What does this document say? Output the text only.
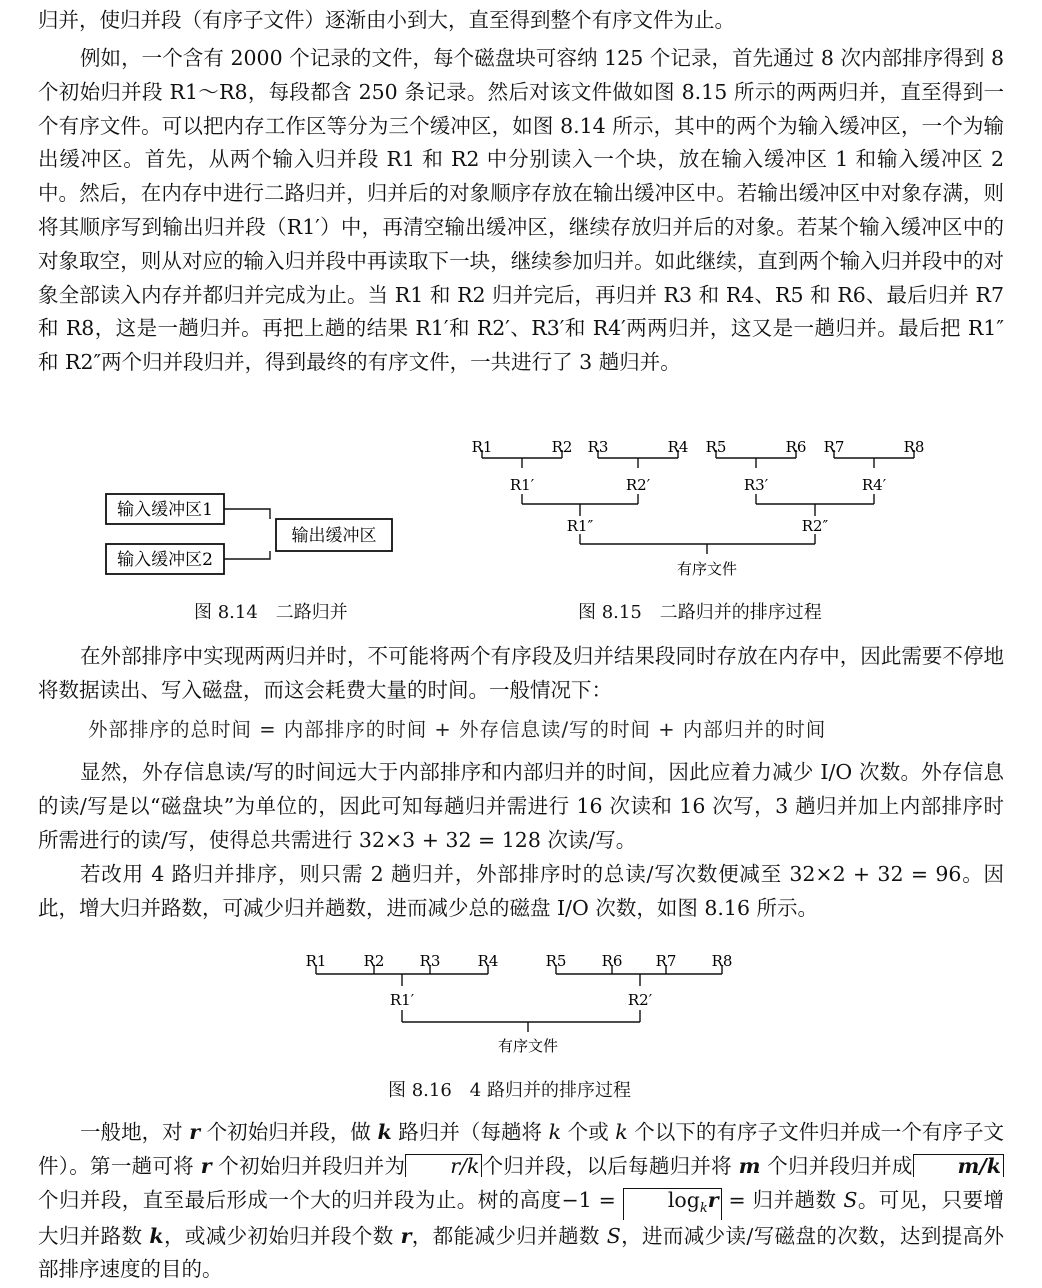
归并，使归并段（有序子文件）逐渐由小到大，直至得到整个有序文件为止。

例如，一个含有 2000 个记录的文件，每个磁盘块可容纳 125 个记录，首先通过 8 次内部排序得到 8 个初始归并段 R1～R8，每段都含 250 条记录。然后对该文件做如图 8.15 所示的两两归并，直至得到一个有序文件。可以把内存工作区等分为三个缓冲区，如图 8.14 所示，其中的两个为输入缓冲区，一个为输出缓冲区。首先，从两个输入归并段 R1 和 R2 中分别读入一个块，放在输入缓冲区 1 和输入缓冲区 2 中。然后，在内存中进行二路归并，归并后的对象顺序存放在输出缓冲区中。若输出缓冲区中对象存满，则将其顺序写到输出归并段（R1′）中，再清空输出缓冲区，继续存放归并后的对象。若某个输入缓冲区中的对象取空，则从对应的输入归并段中再读取下一块，继续参加归并。如此继续，直到两个输入归并段中的对象全部读入内存并都归并完成为止。当 R1 和 R2 归并完后，再归并 R3 和 R4、R5 和 R6、最后归并 R7 和 R8，这是一趟归并。再把上趟的结果 R1′和 R2′、R3′和 R4′两两归并，这又是一趟归并。最后把 R1″和 R2″两个归并段归并，得到最终的有序文件，一共进行了 3 趟归并。

输入缓冲区1
输入缓冲区2
输出缓冲区

图 8.14　二路归并

R1	R2 R3	R4 R5	R6 R7	R8
R1′	R2′	R3′	R4′
R1″	R2″
有序文件

图 8.15　二路归并的排序过程

在外部排序中实现两两归并时，不可能将两个有序段及归并结果段同时存放在内存中，因此需要不停地将数据读出、写入磁盘，而这会耗费大量的时间。一般情况下：

外部排序的总时间 = 内部排序的时间 + 外存信息读/写的时间 + 内部归并的时间

显然，外存信息读/写的时间远大于内部排序和内部归并的时间，因此应着力减少 I/O 次数。外存信息的读/写是以“磁盘块”为单位的，因此可知每趟归并需进行 16 次读和 16 次写，3 趟归并加上内部排序时所需进行的读/写，使得总共需进行 32×3 + 32 = 128 次读/写。

若改用 4 路归并排序，则只需 2 趟归并，外部排序时的总读/写次数便减至 32×2 + 32 = 96。因此，增大归并路数，可减少归并趟数，进而减少总的磁盘 I/O 次数，如图 8.16 所示。

R1 R2 R3 R4	R5 R6 R7 R8
R1′	R2′
有序文件

图 8.16　4 路归并的排序过程

一般地，对 r 个初始归并段，做 k 路归并（每趟将 k 个或 k 个以下的有序子文件归并成一个有序子文件）。第一趟可将 r 个初始归并段归并为 r/k 个归并段，以后每趟归并将 m 个归并段归并成 m/k个归并段，直至最后形成一个大的归并段为止。树的高度$-1 = \log_kr$ = 归并趟数 S。可见，只要增大归并路数 k，或减少初始归并段个数 r，都能减少归并趟数 S，进而减少读/写磁盘的次数，达到提高外部排序速度的目的。
